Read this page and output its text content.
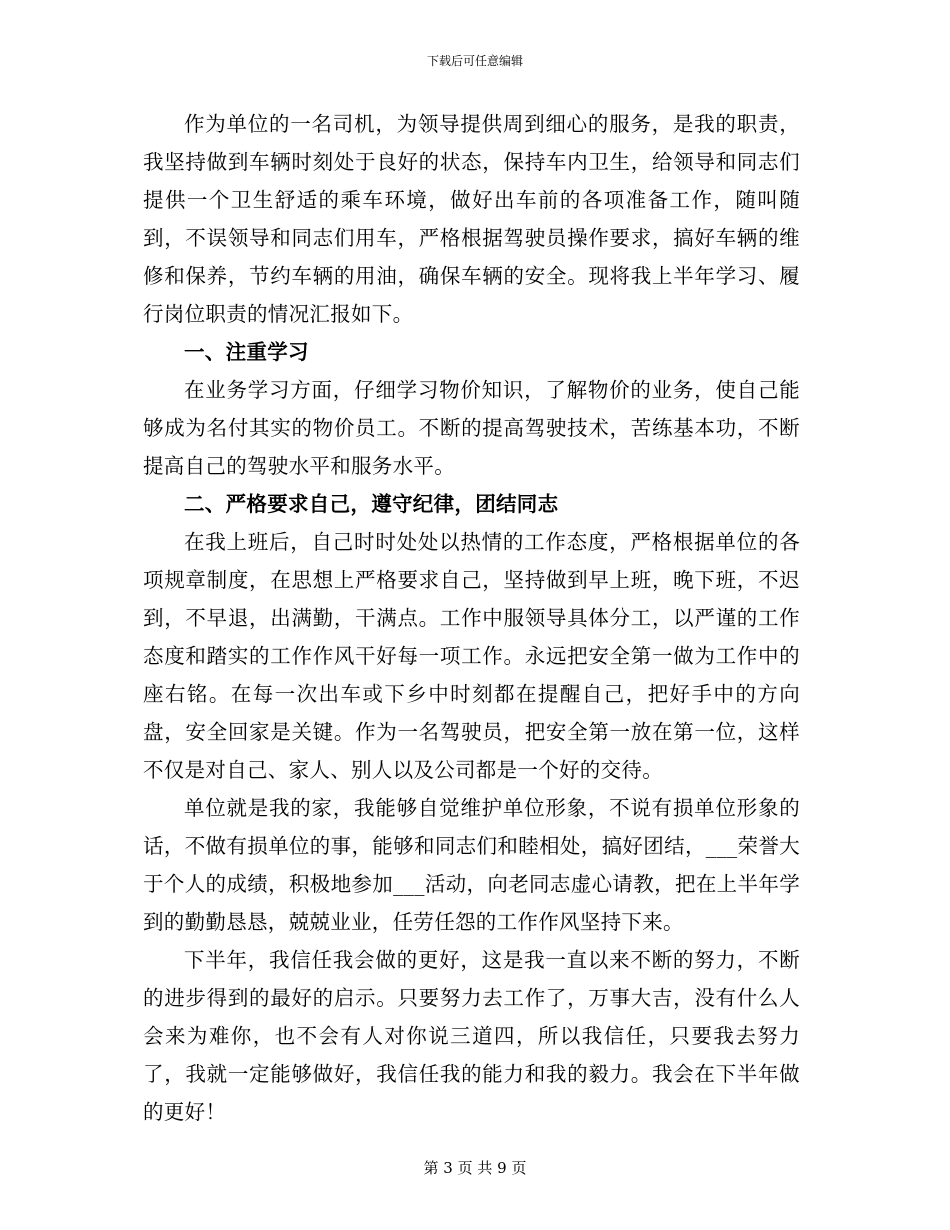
下载后可任意编辑

作为单位的一名司机，为领导提供周到细心的服务，是我的职责，我坚持做到车辆时刻处于良好的状态，保持车内卫生，给领导和同志们提供一个卫生舒适的乘车环境，做好出车前的各项准备工作，随叫随到，不误领导和同志们用车，严格根据驾驶员操作要求，搞好车辆的维修和保养，节约车辆的用油，确保车辆的安全。现将我上半年学习、履行岗位职责的情况汇报如下。

一、注重学习

在业务学习方面，仔细学习物价知识，了解物价的业务，使自己能够成为名付其实的物价员工。不断的提高驾驶技术，苦练基本功，不断提高自己的驾驶水平和服务水平。

二、严格要求自己，遵守纪律，团结同志

在我上班后，自己时时处处以热情的工作态度，严格根据单位的各项规章制度，在思想上严格要求自己，坚持做到早上班，晚下班，不迟到，不早退，出满勤，干满点。工作中服领导具体分工，以严谨的工作态度和踏实的工作作风干好每一项工作。永远把安全第一做为工作中的座右铭。在每一次出车或下乡中时刻都在提醒自己，把好手中的方向盘，安全回家是关键。作为一名驾驶员，把安全第一放在第一位，这样不仅是对自己、家人、别人以及公司都是一个好的交待。

单位就是我的家，我能够自觉维护单位形象，不说有损单位形象的话，不做有损单位的事，能够和同志们和睦相处，搞好团结，___荣誉大于个人的成绩，积极地参加___活动，向老同志虚心请教，把在上半年学到的勤勤恳恳，兢兢业业，任劳任怨的工作作风坚持下来。

下半年，我信任我会做的更好，这是我一直以来不断的努力，不断的进步得到的最好的启示。只要努力去工作了，万事大吉，没有什么人会来为难你，也不会有人对你说三道四，所以我信任，只要我去努力了，我就一定能够做好，我信任我的能力和我的毅力。我会在下半年做的更好！

第 3 页 共 9 页
